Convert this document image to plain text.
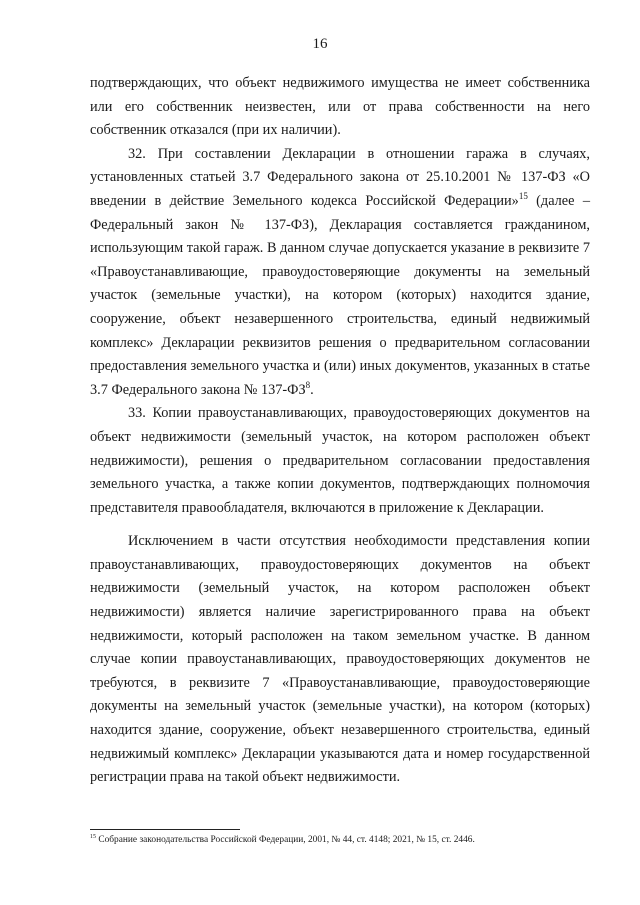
16

подтверждающих, что объект недвижимого имущества не имеет собственника или его собственник неизвестен, или от права собственности на него собственник отказался (при их наличии).

32. При составлении Декларации в отношении гаража в случаях, установленных статьей 3.7 Федерального закона от 25.10.2001 № 137-ФЗ «О введении в действие Земельного кодекса Российской Федерации»$^{15}$ (далее – Федеральный закон № 137-ФЗ), Декларация составляется гражданином, использующим такой гараж. В данном случае допускается указание в реквизите 7 «Правоустанавливающие, правоудостоверяющие документы на земельный участок (земельные участки), на котором (которых) находится здание, сооружение, объект незавершенного строительства, единый недвижимый комплекс» Декларации реквизитов решения о предварительном согласовании предоставления земельного участка и (или) иных документов, указанных в статье 3.7 Федерального закона № $137-ФЗ^8$.

33. Копии правоустанавливающих, правоудостоверяющих документов на объект недвижимости (земельный участок, на котором расположен объект недвижимости), решения о предварительном согласовании предоставления земельного участка, а также копии документов, подтверждающих полномочия представителя правообладателя, включаются в приложение к Декларации.

Исключением в части отсутствия необходимости представления копии правоустанавливающих, правоудостоверяющих документов на объект недвижимости (земельный участок, на котором расположен объект недвижимости) является наличие зарегистрированного права на объект недвижимости, который расположен на таком земельном участке. В данном случае копии правоустанавливающих, правоудостоверяющих документов не требуются, в реквизите 7 «Правоустанавливающие, правоудостоверяющие документы на земельный участок (земельные участки), на котором (которых) находится здание, сооружение, объект незавершенного строительства, единый недвижимый комплекс» Декларации указываются дата и номер государственной регистрации права на такой объект недвижимости.

$^{15}$ Собрание законодательства Российской Федерации, 2001, № 44, ст. 4148; 2021, № 15, ст. 2446.
